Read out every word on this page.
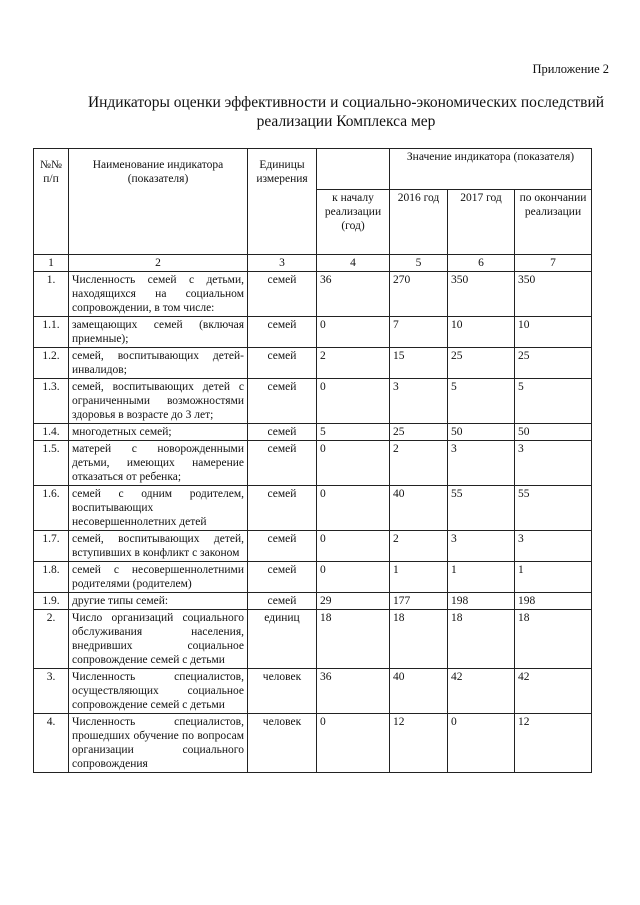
Приложение 2
Индикаторы оценки эффективности и социально-экономических последствий
реализации Комплекса мер
№№ п/п	Наименование индикатора (показателя)	Единицы измерения		Значение индикатора (показателя)		
			к началу реализации (год)	2016 год	2017 год	по окончании реализации
1	2	3	4	5	6	7
1.	Численность семей с детьми, находящихся на социальном сопровождении, в том числе:	семей	36	270	350	350
1.1.	замещающих семей (включая приемные);	семей	0	7	10	10
1.2.	семей, воспитывающих детей-инвалидов;	семей	2	15	25	25
1.3.	семей, воспитывающих детей с ограниченными возможностями здоровья в возрасте до 3 лет;	семей	0	3	5	5
1.4.	многодетных семей;	семей	5	25	50	50
1.5.	матерей с новорожденными детьми, имеющих намерение отказаться от ребенка;	семей	0	2	3	3
1.6.	семей с одним родителем, воспитывающих несовершеннолетних детей	семей	0	40	55	55
1.7.	семей, воспитывающих детей, вступивших в конфликт с законом	семей	0	2	3	3
1.8.	семей с несовершеннолетними родителями (родителем)	семей	0	1	1	1
1.9.	другие типы семей:	семей	29	177	198	198
2.	Число организаций социального обслуживания населения, внедривших социальное сопровождение семей с детьми	единиц	18	18	18	18
3.	Численность специалистов, осуществляющих социальное сопровождение семей с детьми	человек	36	40	42	42
4.	Численность специалистов, прошедших обучение по вопросам организации социального сопровождения	человек	0	12	0	12
